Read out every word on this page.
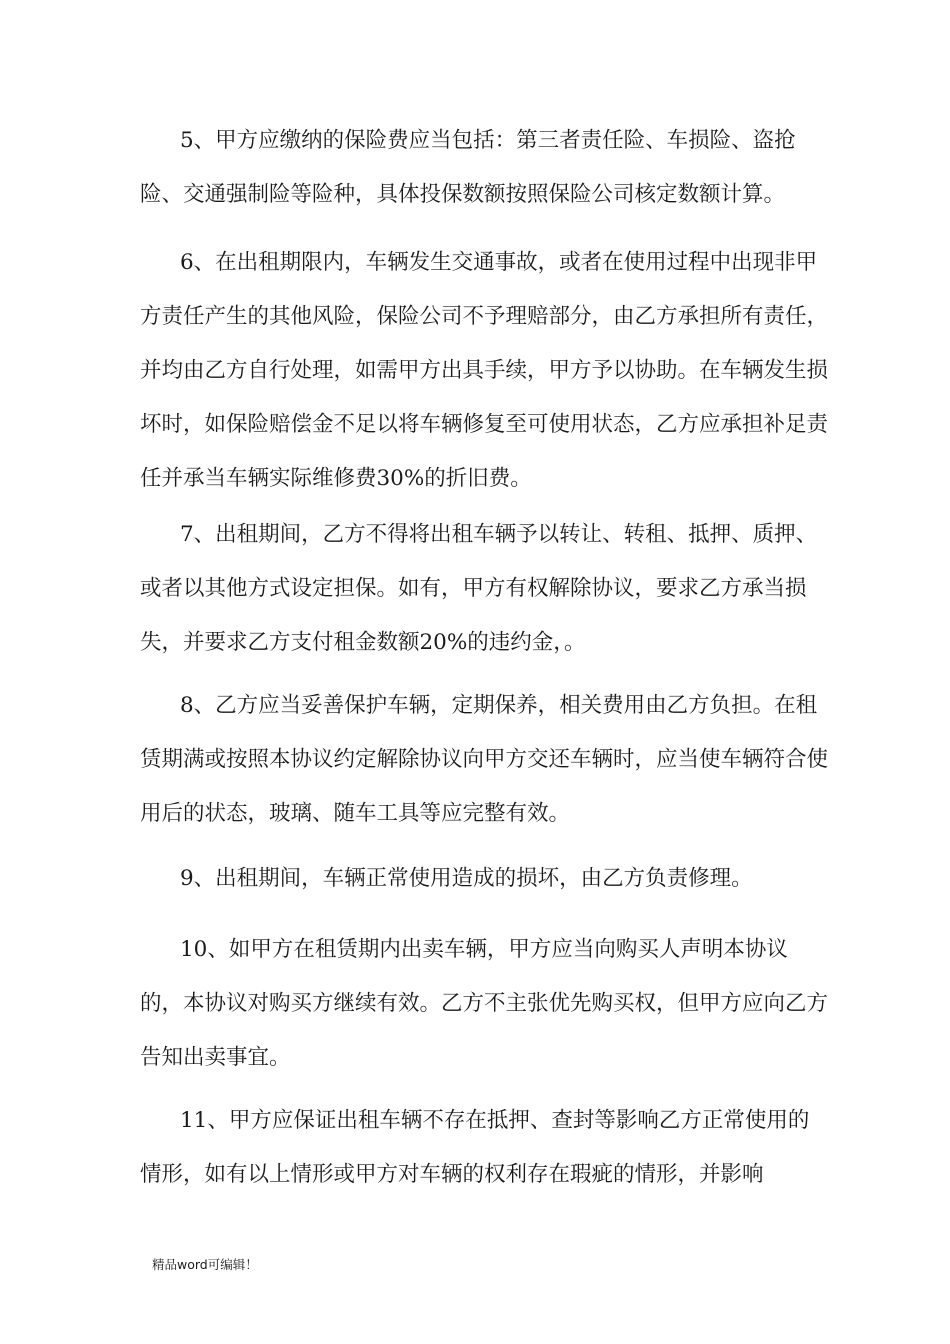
5、甲方应缴纳的保险费应当包括：第三者责任险、车损险、盗抢险、交通强制险等险种，具体投保数额按照保险公司核定数额计算。

6、在出租期限内，车辆发生交通事故，或者在使用过程中出现非甲方责任产生的其他风险，保险公司不予理赔部分，由乙方承担所有责任，并均由乙方自行处理，如需甲方出具手续，甲方予以协助。在车辆发生损坏时，如保险赔偿金不足以将车辆修复至可使用状态，乙方应承担补足责任并承当车辆实际维修费30%的折旧费。

7、出租期间，乙方不得将出租车辆予以转让、转租、抵押、质押、或者以其他方式设定担保。如有，甲方有权解除协议，要求乙方承当损失，并要求乙方支付租金数额20%的违约金，。

8、乙方应当妥善保护车辆，定期保养，相关费用由乙方负担。在租赁期满或按照本协议约定解除协议向甲方交还车辆时，应当使车辆符合使用后的状态，玻璃、随车工具等应完整有效。

9、出租期间，车辆正常使用造成的损坏，由乙方负责修理。

10、如甲方在租赁期内出卖车辆，甲方应当向购买人声明本协议的，本协议对购买方继续有效。乙方不主张优先购买权，但甲方应向乙方告知出卖事宜。

11、甲方应保证出租车辆不存在抵押、查封等影响乙方正常使用的情形，如有以上情形或甲方对车辆的权利存在瑕疵的情形，并影响

精品word可编辑！
